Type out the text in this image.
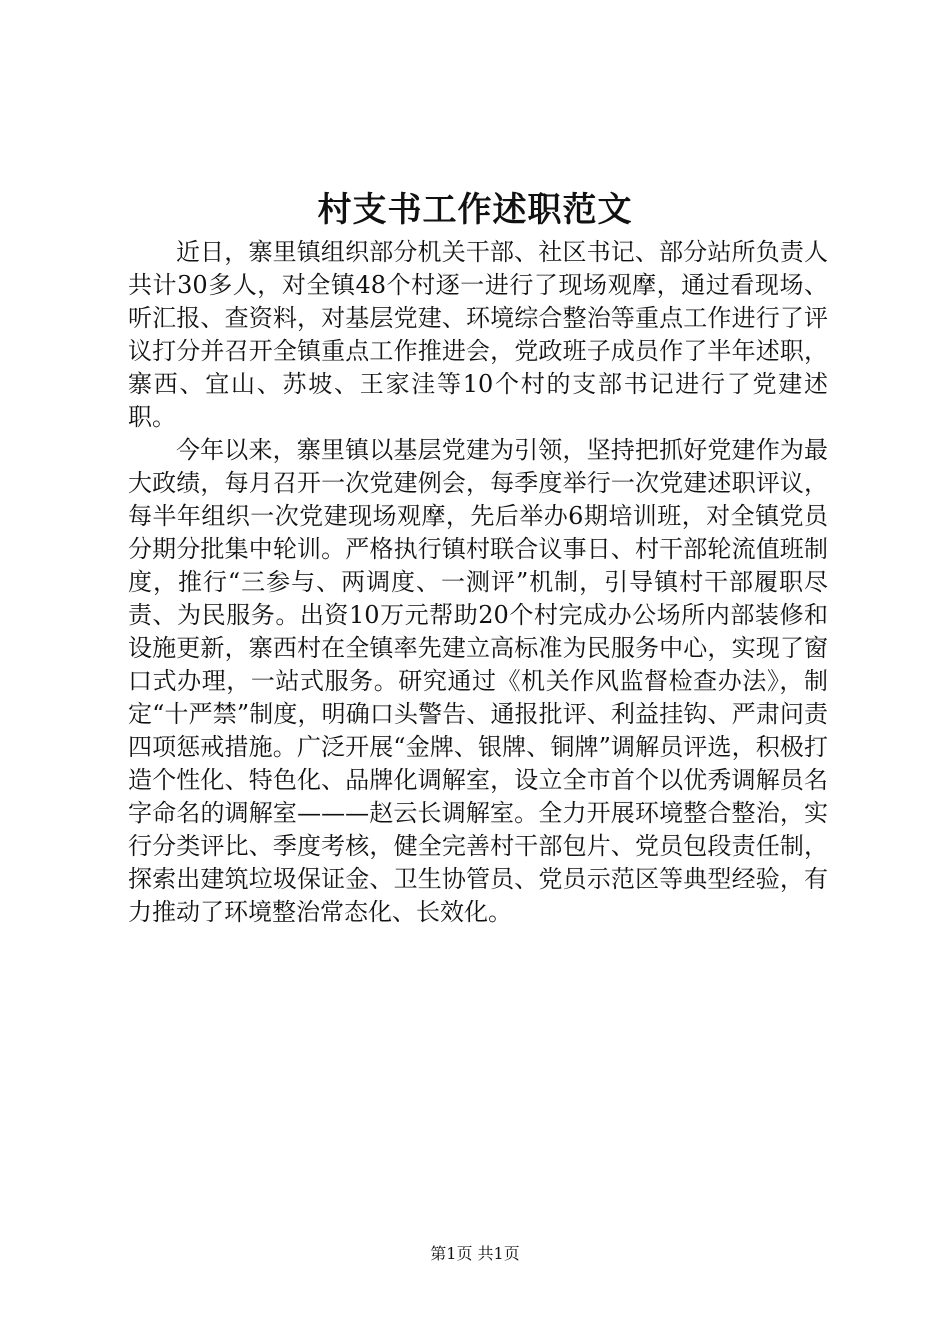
村支书工作述职范文

近日，寨里镇组织部分机关干部、社区书记、部分站所负责人共计30多人，对全镇48个村逐一进行了现场观摩，通过看现场、听汇报、查资料，对基层党建、环境综合整治等重点工作进行了评议打分并召开全镇重点工作推进会，党政班子成员作了半年述职，寨西、宜山、苏坡、王家洼等10个村的支部书记进行了党建述职。

今年以来，寨里镇以基层党建为引领，坚持把抓好党建作为最大政绩，每月召开一次党建例会，每季度举行一次党建述职评议，每半年组织一次党建现场观摩，先后举办6期培训班，对全镇党员分期分批集中轮训。严格执行镇村联合议事日、村干部轮流值班制度，推行“三参与、两调度、一测评”机制，引导镇村干部履职尽责、为民服务。出资10万元帮助20个村完成办公场所内部装修和设施更新，寨西村在全镇率先建立高标准为民服务中心，实现了窗口式办理，一站式服务。研究通过《机关作风监督检查办法》，制定“十严禁”制度，明确口头警告、通报批评、利益挂钩、严肃问责四项惩戒措施。广泛开展“金牌、银牌、铜牌”调解员评选，积极打造个性化、特色化、品牌化调解室，设立全市首个以优秀调解员名字命名的调解室———赵云长调解室。全力开展环境整合整治，实行分类评比、季度考核，健全完善村干部包片、党员包段责任制，探索出建筑垃圾保证金、卫生协管员、党员示范区等典型经验，有力推动了环境整治常态化、长效化。

第1页 共1页
